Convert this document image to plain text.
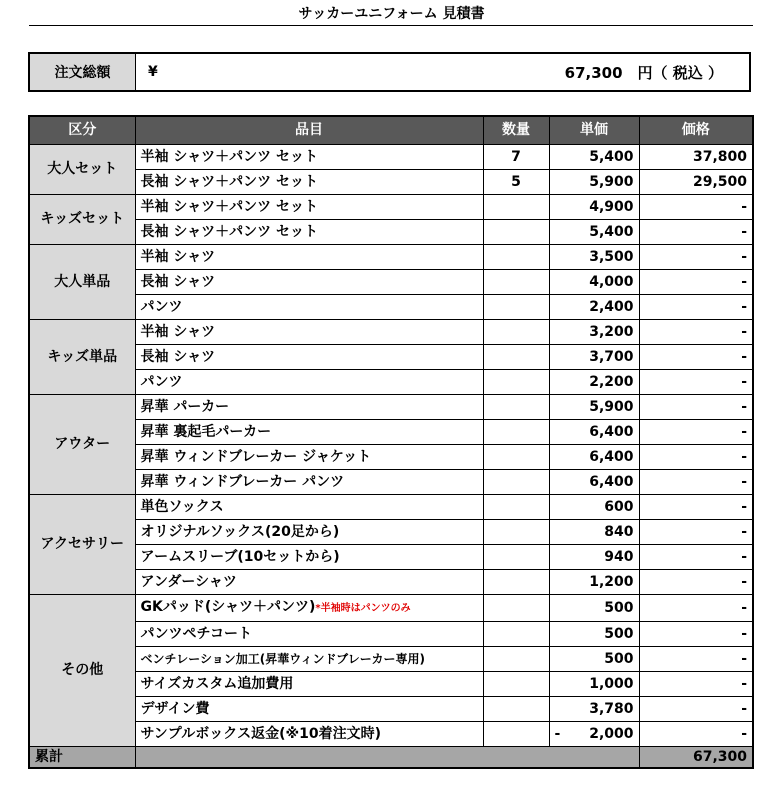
サッカーユニフォーム 見積書
注文総額	¥	67,300　円（ 税込 ）
区分	品目	数量	単価	価格
大人セット	半袖 シャツ＋パンツ セット	7	5,400	37,800
	長袖 シャツ＋パンツ セット	5	5,900	29,500
キッズセット	半袖 シャツ＋パンツ セット		4,900	-
	長袖 シャツ＋パンツ セット		5,400	-
大人単品	半袖 シャツ		3,500	-
	長袖 シャツ		4,000	-
	パンツ		2,400	-
キッズ単品	半袖 シャツ		3,200	-
	長袖 シャツ		3,700	-
	パンツ		2,200	-
アウター	昇華 パーカー		5,900	-
	昇華 裏起毛パーカー		6,400	-
	昇華 ウィンドブレーカー ジャケット		6,400	-
	昇華 ウィンドブレーカー パンツ		6,400	-
アクセサリー	単色ソックス		600	-
	オリジナルソックス(20足から)		840	-
	アームスリーブ(10セットから)		940	-
	アンダーシャツ		1,200	-
その他	GKパッド(シャツ＋パンツ)*半袖時はパンツのみ		500	-
	パンツペチコート		500	-
	ベンチレーション加工(昇華ウィンドブレーカー専用)		500	-
	サイズカスタム追加費用		1,000	-
	デザイン費		3,780	-
	サンプルボックス返金(※10着注文時)		- 2,000	-
累計				67,300
